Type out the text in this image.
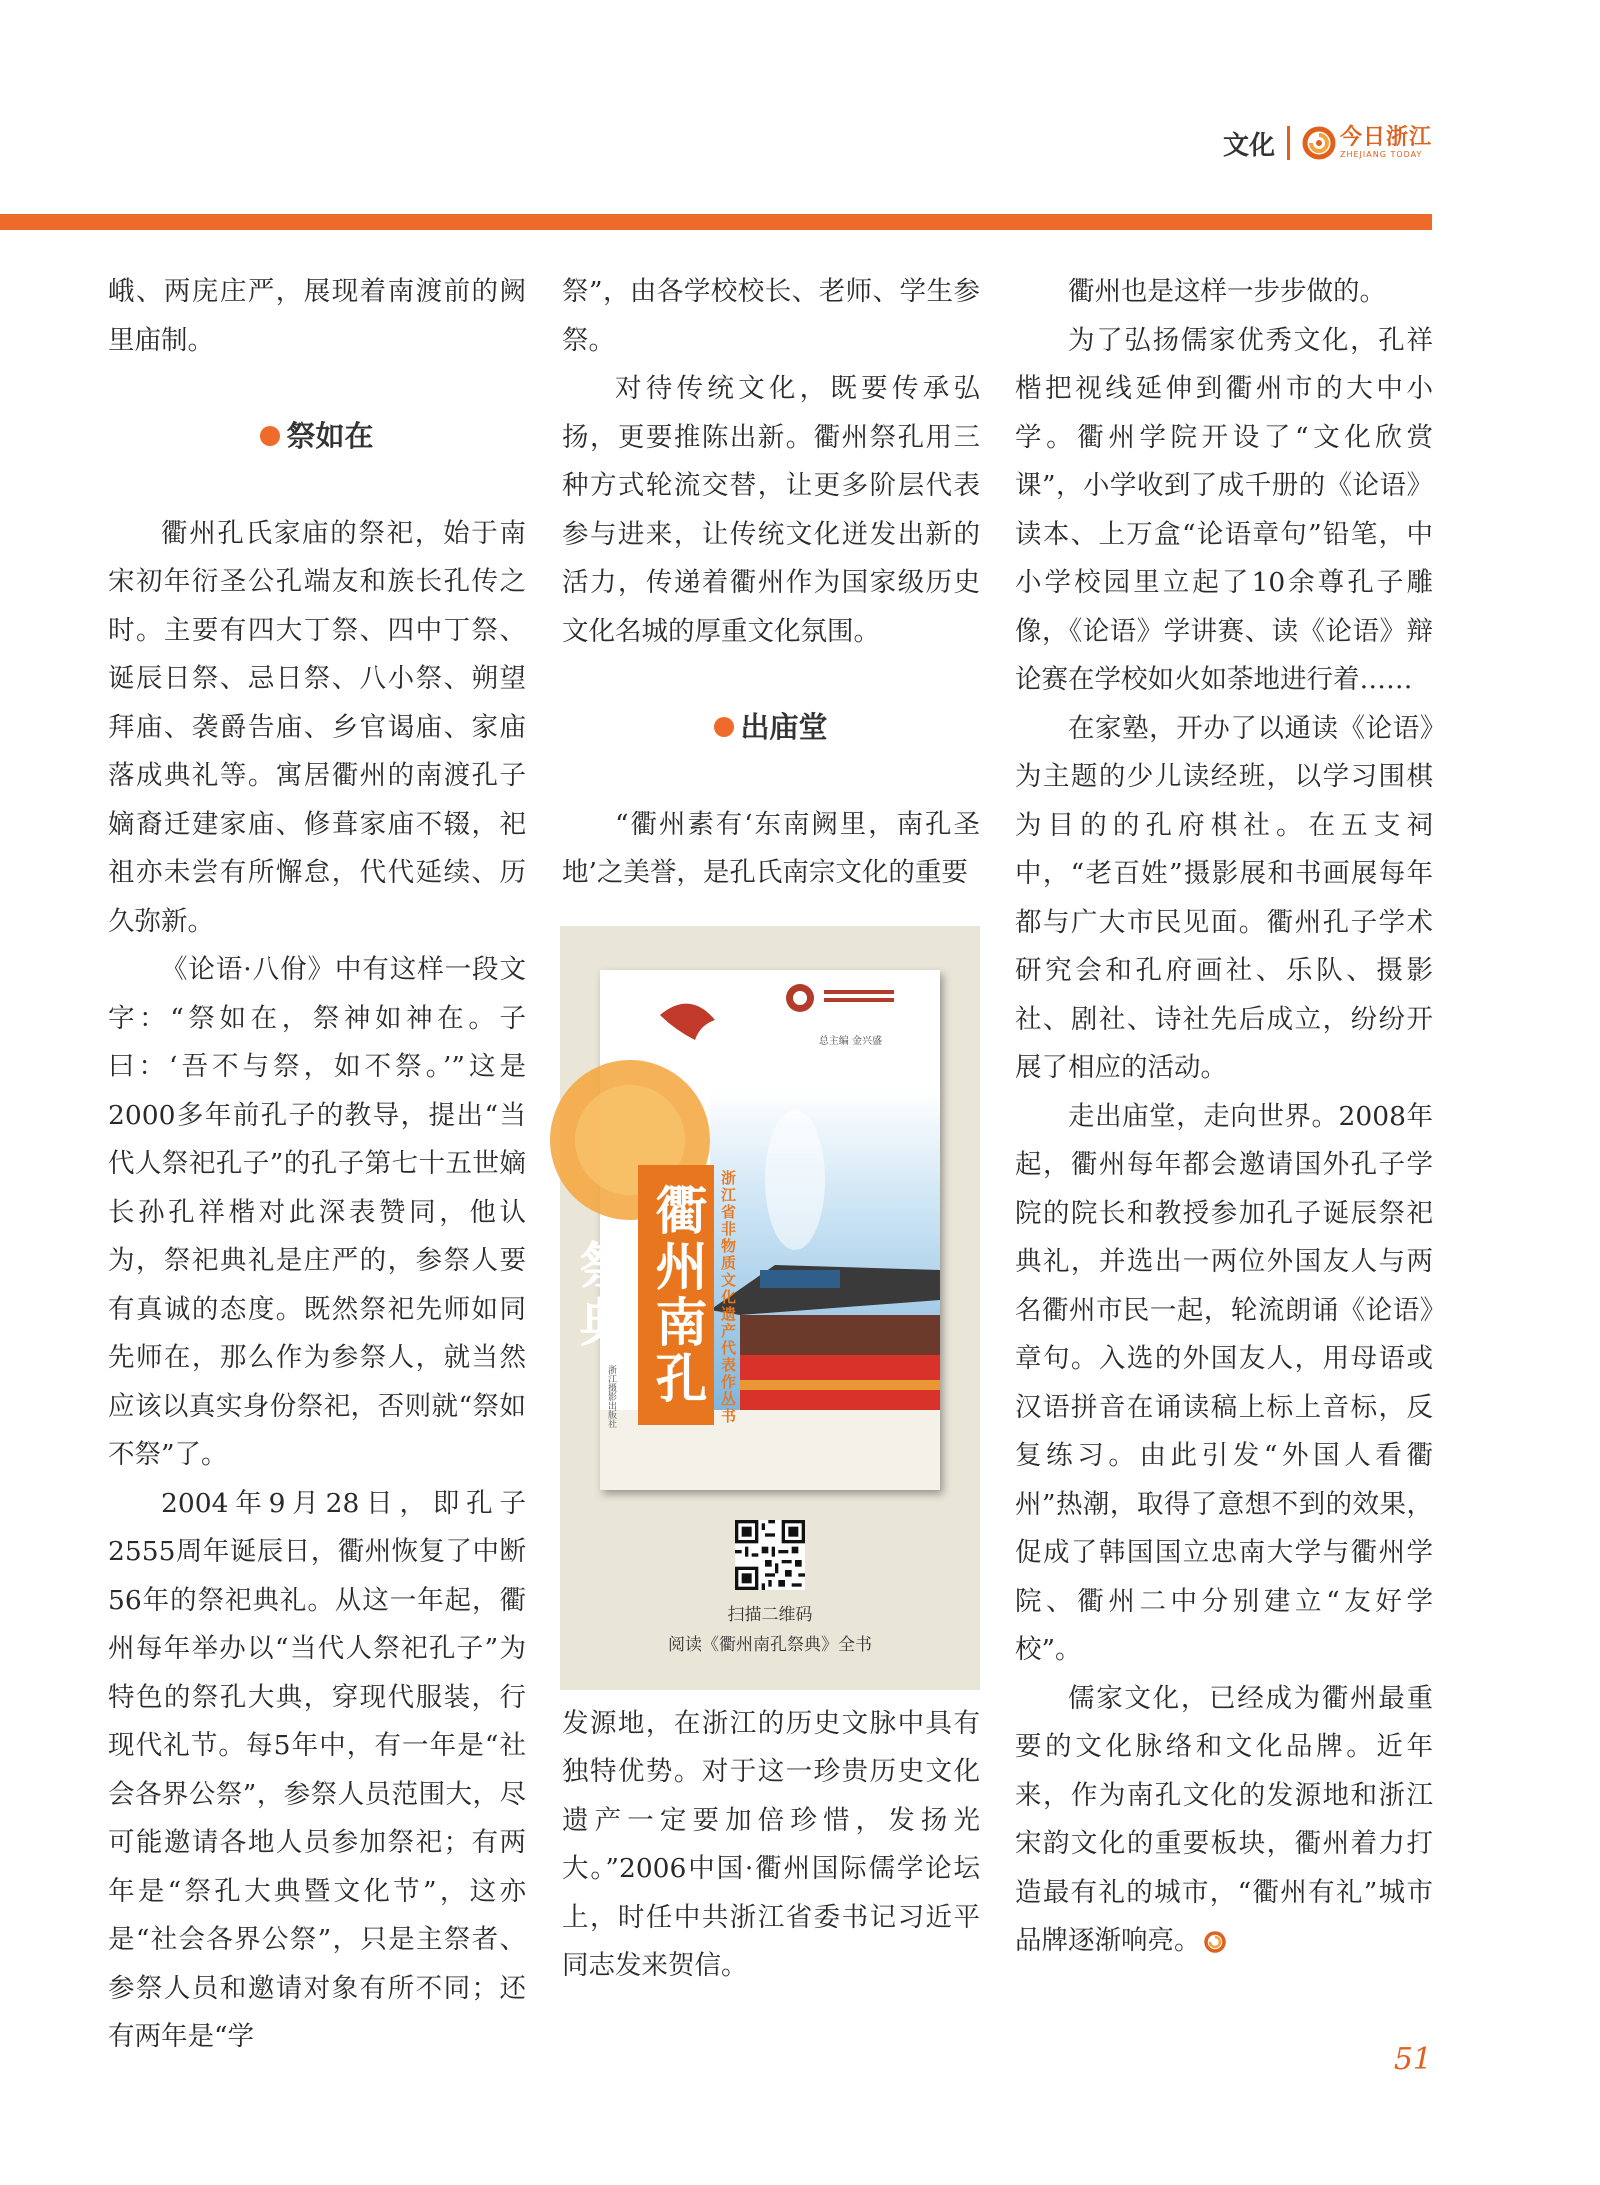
文化	今日浙江
ZHEJIANG TODAY

峨、两庑庄严，展现着南渡前的阙里庙制。

祭如在

衢州孔氏家庙的祭祀，始于南宋初年衍圣公孔端友和族长孔传之时。主要有四大丁祭、四中丁祭、诞辰日祭、忌日祭、八小祭、朔望拜庙、袭爵告庙、乡官谒庙、家庙落成典礼等。寓居衢州的南渡孔子嫡裔迁建家庙、修葺家庙不辍，祀祖亦未尝有所懈怠，代代延续、历久弥新。

《论语·八佾》中有这样一段文字：“祭如在，祭神如神在。子曰：‘吾不与祭，如不祭。’”这是2000多年前孔子的教导，提出“当代人祭祀孔子”的孔子第七十五世嫡长孙孔祥楷对此深表赞同，他认为，祭祀典礼是庄严的，参祭人要有真诚的态度。既然祭祀先师如同先师在，那么作为参祭人，就当然应该以真实身份祭祀，否则就“祭如不祭”了。

2004年9月28日，即孔子2555周年诞辰日，衢州恢复了中断56年的祭祀典礼。从这一年起，衢州每年举办以“当代人祭祀孔子”为特色的祭孔大典，穿现代服装，行现代礼节。每5年中，有一年是“社会各界公祭”，参祭人员范围大，尽可能邀请各地人员参加祭祀；有两年是“祭孔大典暨文化节”，这亦是“社会各界公祭”，只是主祭者、参祭人员和邀请对象有所不同；还有两年是“学

祭”，由各学校校长、老师、学生参祭。

对待传统文化，既要传承弘扬，更要推陈出新。衢州祭孔用三种方式轮流交替，让更多阶层代表参与进来，让传统文化迸发出新的活力，传递着衢州作为国家级历史文化名城的厚重文化氛围。

出庙堂

“衢州素有‘东南阙里，南孔圣地’之美誉，是孔氏南宗文化的重要

衢州南孔祭典	浙江省非物质文化遗产代表作丛书
总主编 金兴盛
浙江摄影出版社
扫描二维码
阅读《衢州南孔祭典》全书

发源地，在浙江的历史文脉中具有独特优势。对于这一珍贵历史文化遗产一定要加倍珍惜，发扬光大。”2006中国·衢州国际儒学论坛上，时任中共浙江省委书记习近平同志发来贺信。

衢州也是这样一步步做的。

为了弘扬儒家优秀文化，孔祥楷把视线延伸到衢州市的大中小学。衢州学院开设了“文化欣赏课”，小学收到了成千册的《论语》读本、上万盒“论语章句”铅笔，中小学校园里立起了10余尊孔子雕像，《论语》学讲赛、读《论语》辩论赛在学校如火如荼地进行着……

在家塾，开办了以通读《论语》为主题的少儿读经班，以学习围棋为目的的孔府棋社。在五支祠中，“老百姓”摄影展和书画展每年都与广大市民见面。衢州孔子学术研究会和孔府画社、乐队、摄影社、剧社、诗社先后成立，纷纷开展了相应的活动。

走出庙堂，走向世界。2008年起，衢州每年都会邀请国外孔子学院的院长和教授参加孔子诞辰祭祀典礼，并选出一两位外国友人与两名衢州市民一起，轮流朗诵《论语》章句。入选的外国友人，用母语或汉语拼音在诵读稿上标上音标，反复练习。由此引发“外国人看衢州”热潮，取得了意想不到的效果，促成了韩国国立忠南大学与衢州学院、衢州二中分别建立“友好学校”。

儒家文化，已经成为衢州最重要的文化脉络和文化品牌。近年来，作为南孔文化的发源地和浙江宋韵文化的重要板块，衢州着力打造最有礼的城市，“衢州有礼”城市品牌逐渐响亮。

51
